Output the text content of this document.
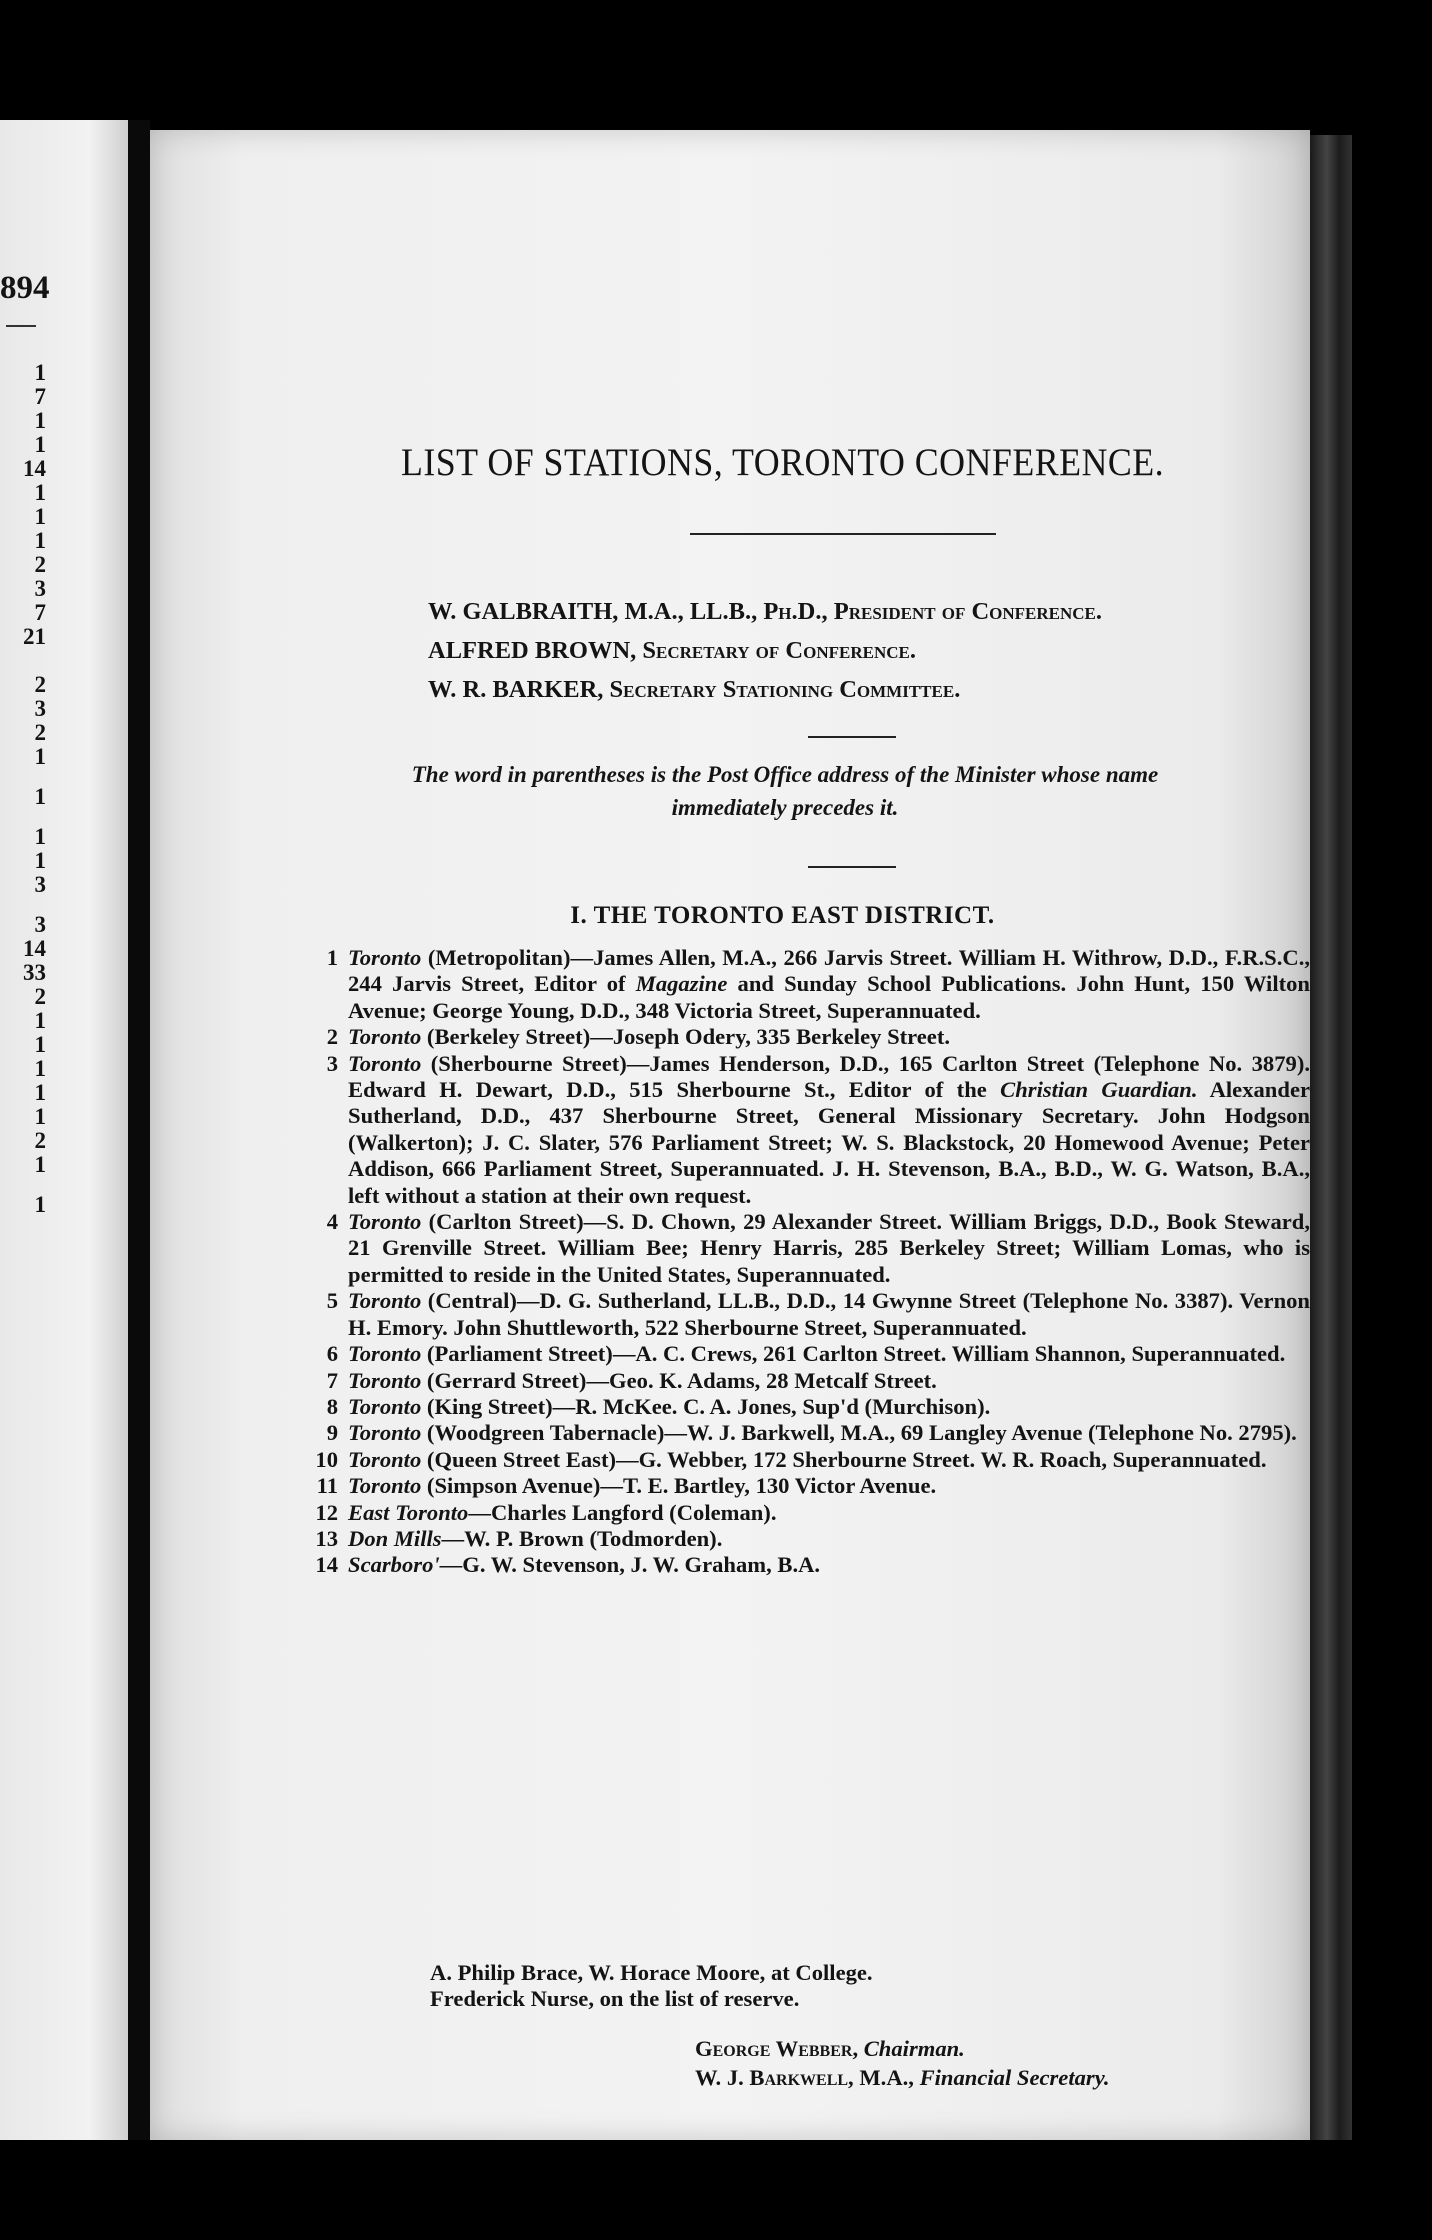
894
1
7
1
1
14
1
1
1
2
3
7
21
2
3
2
1
1
1
1
3
3
14
33
2
1
1
1
1
1
2
1
1
LIST OF STATIONS, TORONTO CONFERENCE.
W. GALBRAITH, M.A., LL.B., Ph.D., President of Conference.
ALFRED BROWN, Secretary of Conference.
W. R. BARKER, Secretary Stationing Committee.
The word in parentheses is the Post Office address of the Minister whose name
immediately precedes it.
I. THE TORONTO EAST DISTRICT.
1 Toronto (Metropolitan)—James Allen, M.A., 266 Jarvis Street. William H. Withrow, D.D., F.R.S.C., 244 Jarvis Street, Editor of Magazine and Sunday School Publications. John Hunt, 150 Wilton Avenue; George Young, D.D., 348 Victoria Street, Superannuated.
2 Toronto (Berkeley Street)—Joseph Odery, 335 Berkeley Street.
3 Toronto (Sherbourne Street)—James Henderson, D.D., 165 Carlton Street (Telephone No. 3879). Edward H. Dewart, D.D., 515 Sherbourne St., Editor of the Christian Guardian. Alexander Sutherland, D.D., 437 Sherbourne Street, General Missionary Secretary. John Hodgson (Walkerton); J. C. Slater, 576 Parliament Street; W. S. Blackstock, 20 Homewood Avenue; Peter Addison, 666 Parliament Street, Superannuated. J. H. Stevenson, B.A., B.D., W. G. Watson, B.A., left without a station at their own request.
4 Toronto (Carlton Street)—S. D. Chown, 29 Alexander Street. William Briggs, D.D., Book Steward, 21 Grenville Street. William Bee; Henry Harris, 285 Berkeley Street; William Lomas, who is permitted to reside in the United States, Superannuated.
5 Toronto (Central)—D. G. Sutherland, LL.B., D.D., 14 Gwynne Street (Telephone No. 3387). Vernon H. Emory. John Shuttleworth, 522 Sherbourne Street, Superannuated.
6 Toronto (Parliament Street)—A. C. Crews, 261 Carlton Street. William Shannon, Superannuated.
7 Toronto (Gerrard Street)—Geo. K. Adams, 28 Metcalf Street.
8 Toronto (King Street)—R. McKee. C. A. Jones, Sup'd (Murchison).
9 Toronto (Woodgreen Tabernacle)—W. J. Barkwell, M.A., 69 Langley Avenue (Telephone No. 2795).
10 Toronto (Queen Street East)—G. Webber, 172 Sherbourne Street. W. R. Roach, Superannuated.
11 Toronto (Simpson Avenue)—T. E. Bartley, 130 Victor Avenue.
12 East Toronto—Charles Langford (Coleman).
13 Don Mills—W. P. Brown (Todmorden).
14 Scarboro'—G. W. Stevenson, J. W. Graham, B.A.
A. Philip Brace, W. Horace Moore, at College.
Frederick Nurse, on the list of reserve.
George Webber, Chairman.
W. J. Barkwell, M.A., Financial Secretary.
